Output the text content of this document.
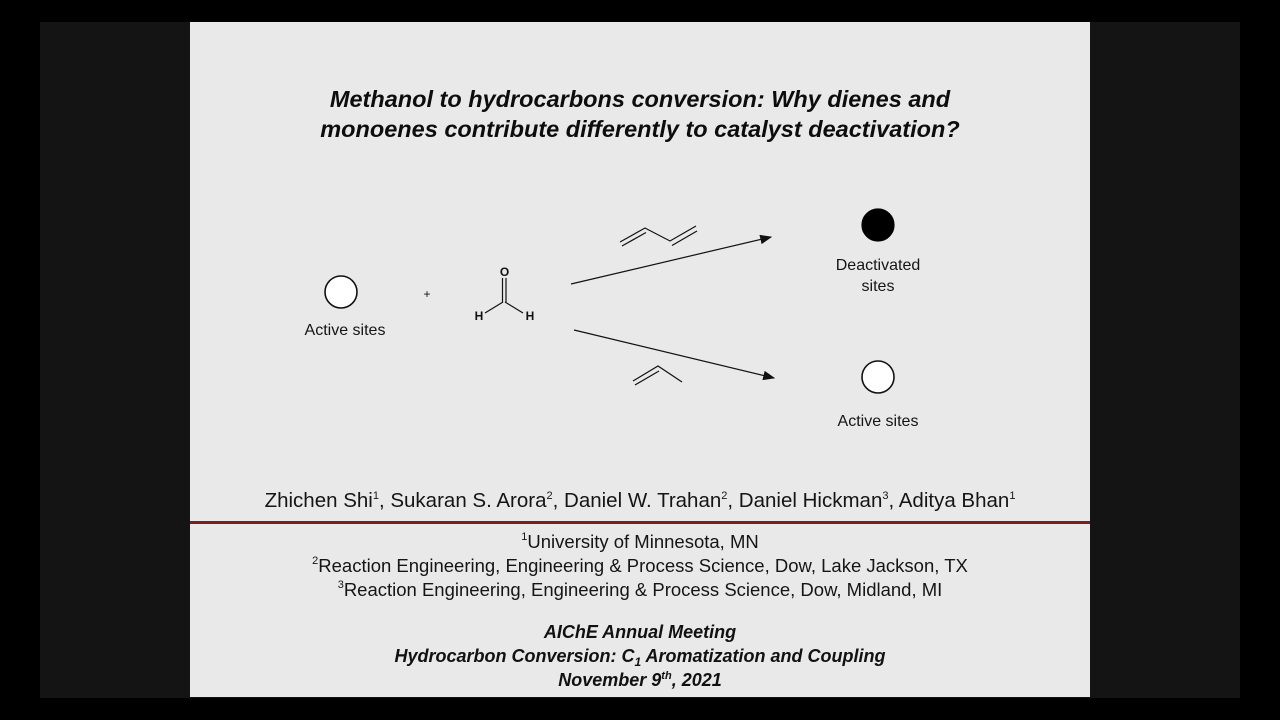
Methanol to hydrocarbons conversion: Why dienes and
monoenes contribute differently to catalyst deactivation?
+
O
H	H
Active sites
Deactivated
sites
Active sites
Zhichen Shi$^1$, Sukaran S. Arora$^2$, Daniel W. Trahan$^2$, Daniel Hickman$^3$, Aditya Bhan$^1$
$^1$University of Minnesota, MN
$^2$Reaction Engineering, Engineering & Process Science, Dow, Lake Jackson, TX
$^3$Reaction Engineering, Engineering & Process Science, Dow, Midland, MI
AIChE Annual Meeting
Hydrocarbon Conversion: $C_1$ Aromatization and Coupling
November 9th, 2021
